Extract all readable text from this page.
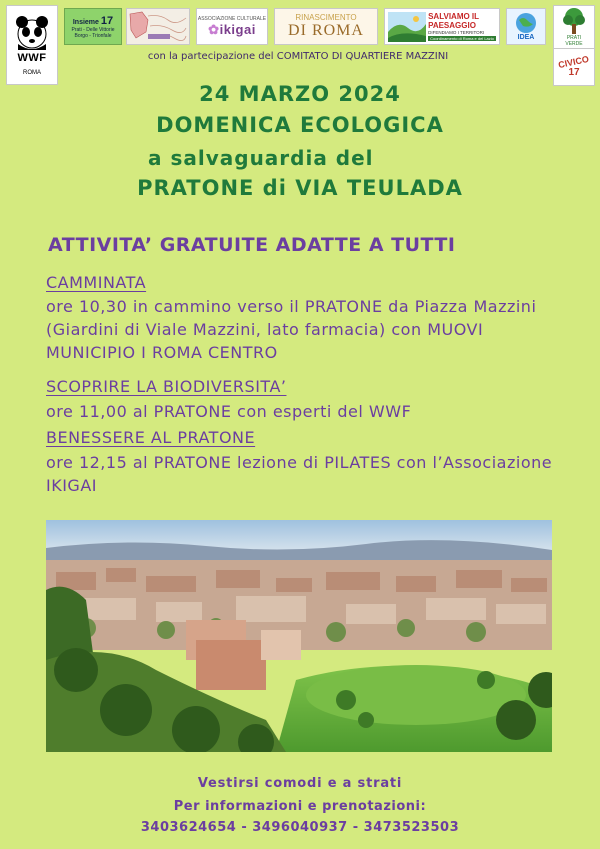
WWF
ROMA
Insieme 17
Prati - Delle Vittorie
Borgo - Trionfale
ASSOCIAZIONE CULTURALE
✿ikigai
RINASCIMENTO
DI ROMA
SALVIAMO IL
PAESAGGIO
DIFENDIAMO I TERRITORI
Coordinamento di Roma e del Lazio	IDEA	PRATI
VERDE
CIVICO
17
con la partecipazione del COMITATO DI QUARTIERE MAZZINI
24 MARZO 2024
DOMENICA ECOLOGICA
a salvaguardia del
PRATONE di VIA TEULADA
ATTIVITA’ GRATUITE ADATTE A TUTTI
CAMMINATA
ore 10,30 in cammino verso il PRATONE da Piazza Mazzini (Giardini di Viale Mazzini, lato farmacia) con MUOVI MUNICIPIO I ROMA CENTRO
SCOPRIRE LA BIODIVERSITA’
ore 11,00 al PRATONE con esperti del WWF
BENESSERE AL PRATONE
ore 12,15 al PRATONE lezione di PILATES con l’Associazione IKIGAI
Vestirsi comodi e a strati
Per informazioni e prenotazioni:
3403624654 - 3496040937 - 3473523503
